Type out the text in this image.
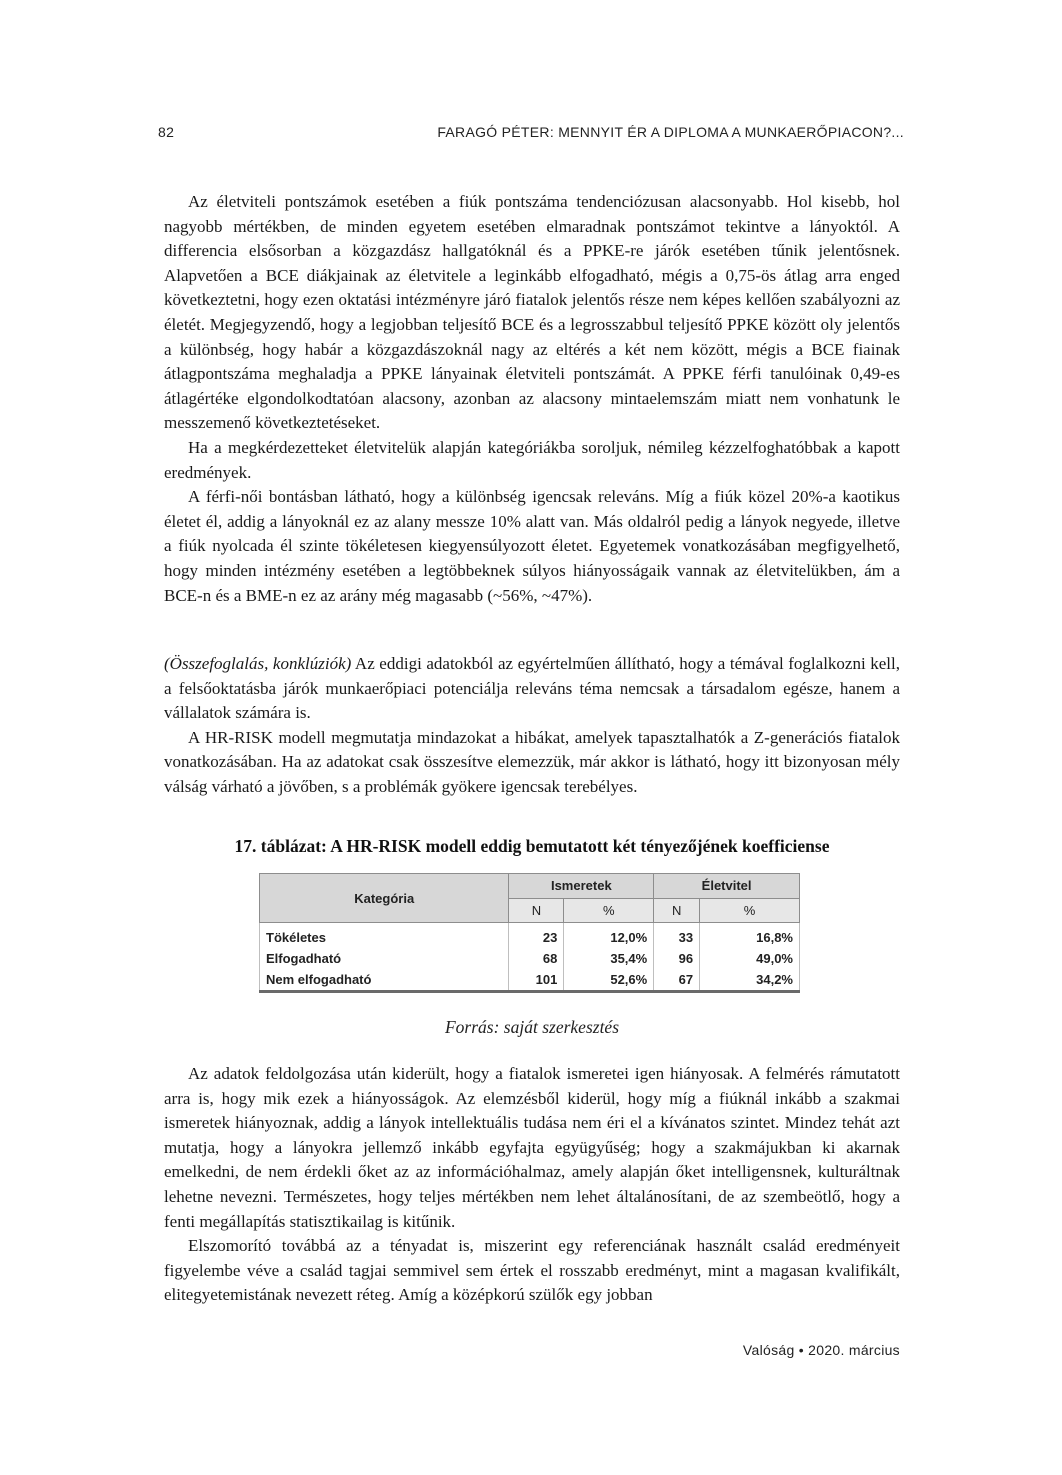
82	FARAGÓ PÉTER: MENNYIT ÉR A DIPLOMA A MUNKAERŐPIACON?...

Az életviteli pontszámok esetében a fiúk pontszáma tendenciózusan alacsonyabb. Hol kisebb, hol nagyobb mértékben, de minden egyetem esetében elmaradnak pontszámot tekintve a lányoktól. A differencia elsősorban a közgazdász hallgatóknál és a PPKE-re járók esetében tűnik jelentősnek. Alapvetően a BCE diákjainak az életvitele a leginkább elfogadható, mégis a 0,75-ös átlag arra enged következtetni, hogy ezen oktatási intézményre járó fiatalok jelentős része nem képes kellően szabályozni az életét. Megjegyzendő, hogy a legjobban teljesítő BCE és a legrosszabbul teljesítő PPKE között oly jelentős a különbség, hogy habár a közgazdászoknál nagy az eltérés a két nem között, mégis a BCE fiainak átlagpontszáma meghaladja a PPKE lányainak életviteli pontszámát. A PPKE férfi tanulóinak 0,49-es átlagértéke elgondolkodtatóan alacsony, azonban az alacsony mintaelemszám miatt nem vonhatunk le messzemenő következtetéseket.

Ha a megkérdezetteket életvitelük alapján kategóriákba soroljuk, némileg kézzelfoghatóbbak a kapott eredmények.

A férfi-női bontásban látható, hogy a különbség igencsak releváns. Míg a fiúk közel 20%-a kaotikus életet él, addig a lányoknál ez az alany messze 10% alatt van. Más oldalról pedig a lányok negyede, illetve a fiúk nyolcada él szinte tökéletesen kiegyensúlyozott életet. Egyetemek vonatkozásában megfigyelhető, hogy minden intézmény esetében a legtöbbeknek súlyos hiányosságaik vannak az életvitelükben, ám a BCE-n és a BME-n ez az arány még magasabb (~56%, ~47%).

(Összefoglalás, konklúziók) Az eddigi adatokból az egyértelműen állítható, hogy a témával foglalkozni kell, a felsőoktatásba járók munkaerőpiaci potenciálja releváns téma nemcsak a társadalom egésze, hanem a vállalatok számára is.

A HR-RISK modell megmutatja mindazokat a hibákat, amelyek tapasztalhatók a Z-generációs fiatalok vonatkozásában. Ha az adatokat csak összesítve elemezzük, már akkor is látható, hogy itt bizonyosan mély válság várható a jövőben, s a problémák gyökere igencsak terebélyes.

17. táblázat: A HR-RISK modell eddig bemutatott két tényezőjének koefficiense
Kategória	Ismeretek		Életvitel	
	N	%	N	%
Tökéletes	23	12,0%	33	16,8%
Elfogadható	68	35,4%	96	49,0%
Nem elfogadható	101	52,6%	67	34,2%
Forrás: saját szerkesztés

Az adatok feldolgozása után kiderült, hogy a fiatalok ismeretei igen hiányosak. A felmérés rámutatott arra is, hogy mik ezek a hiányosságok. Az elemzésből kiderül, hogy míg a fiúknál inkább a szakmai ismeretek hiányoznak, addig a lányok intellektuális tudása nem éri el a kívánatos szintet. Mindez tehát azt mutatja, hogy a lányokra jellemző inkább egyfajta együgyűség; hogy a szakmájukban ki akarnak emelkedni, de nem érdekli őket az az információhalmaz, amely alapján őket intelligensnek, kulturáltnak lehetne nevezni. Természetes, hogy teljes mértékben nem lehet általánosítani, de az szembeötlő, hogy a fenti megállapítás statisztikailag is kitűnik.

Elszomorító továbbá az a tényadat is, miszerint egy referenciának használt család eredményeit figyelembe véve a család tagjai semmivel sem értek el rosszabb eredményt, mint a magasan kvalifikált, elitegyetemistának nevezett réteg. Amíg a középkorú szülők egy jobban

Valóság • 2020. március
